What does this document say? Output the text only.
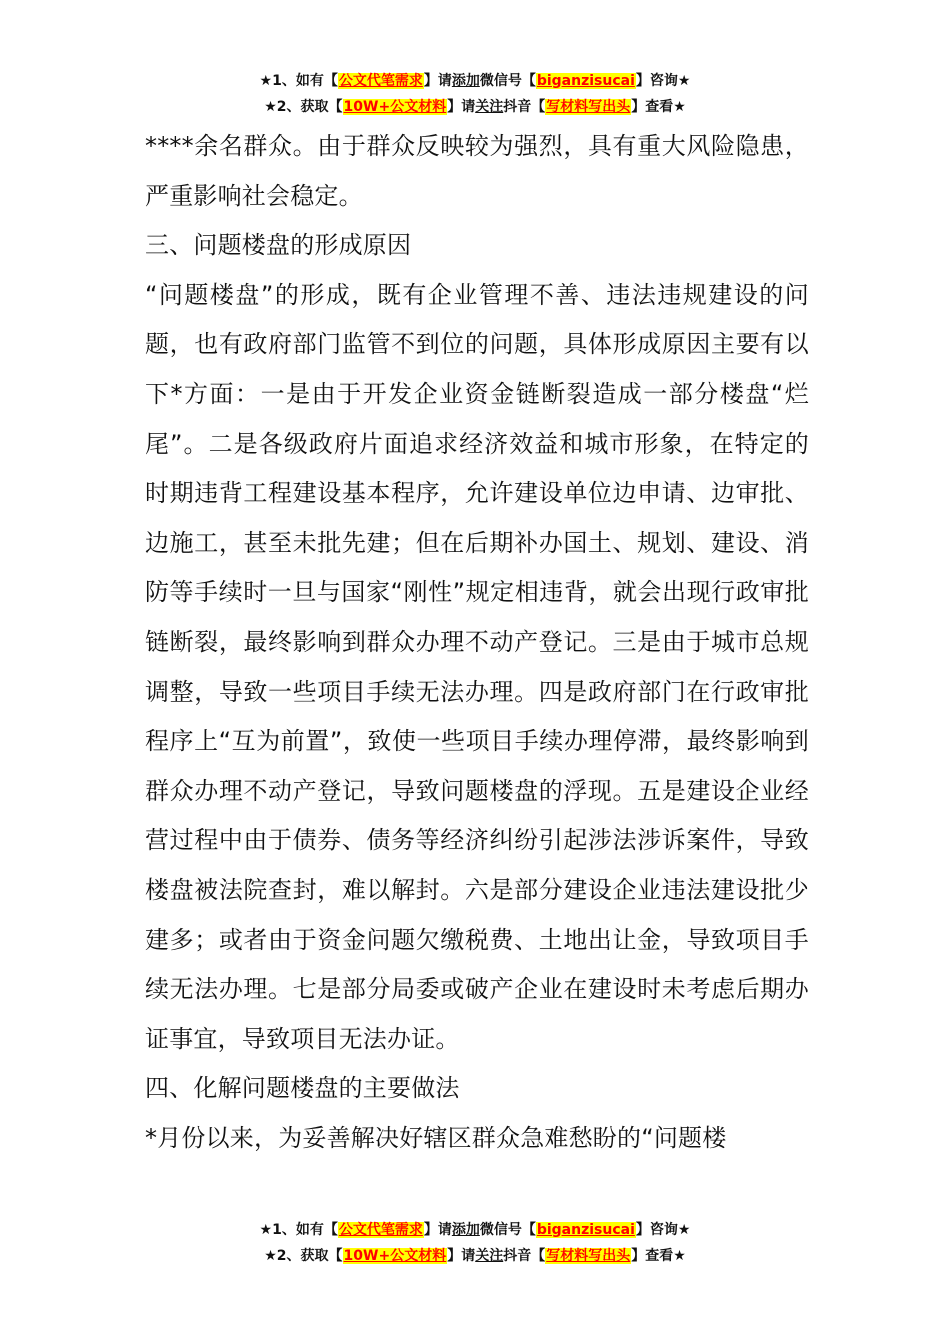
★1、如有【公文代笔需求】请添加微信号【biganzisucai】咨询★
★2、获取【10W+公文材料】请关注抖音【写材料写出头】查看★

****余名群众。由于群众反映较为强烈，具有重大风险隐患，严重影响社会稳定。

三、问题楼盘的形成原因

“问题楼盘”的形成，既有企业管理不善、违法违规建设的问题，也有政府部门监管不到位的问题，具体形成原因主要有以下*方面：一是由于开发企业资金链断裂造成一部分楼盘“烂尾”。二是各级政府片面追求经济效益和城市形象，在特定的时期违背工程建设基本程序，允许建设单位边申请、边审批、边施工，甚至未批先建；但在后期补办国土、规划、建设、消防等手续时一旦与国家“刚性”规定相违背，就会出现行政审批链断裂，最终影响到群众办理不动产登记。三是由于城市总规调整，导致一些项目手续无法办理。四是政府部门在行政审批程序上“互为前置”，致使一些项目手续办理停滞，最终影响到群众办理不动产登记，导致问题楼盘的浮现。五是建设企业经营过程中由于债券、债务等经济纠纷引起涉法涉诉案件，导致楼盘被法院查封，难以解封。六是部分建设企业违法建设批少建多；或者由于资金问题欠缴税费、土地出让金，导致项目手续无法办理。七是部分局委或破产企业在建设时未考虑后期办证事宜，导致项目无法办证。

四、化解问题楼盘的主要做法

*月份以来，为妥善解决好辖区群众急难愁盼的“问题楼

★1、如有【公文代笔需求】请添加微信号【biganzisucai】咨询★
★2、获取【10W+公文材料】请关注抖音【写材料写出头】查看★
